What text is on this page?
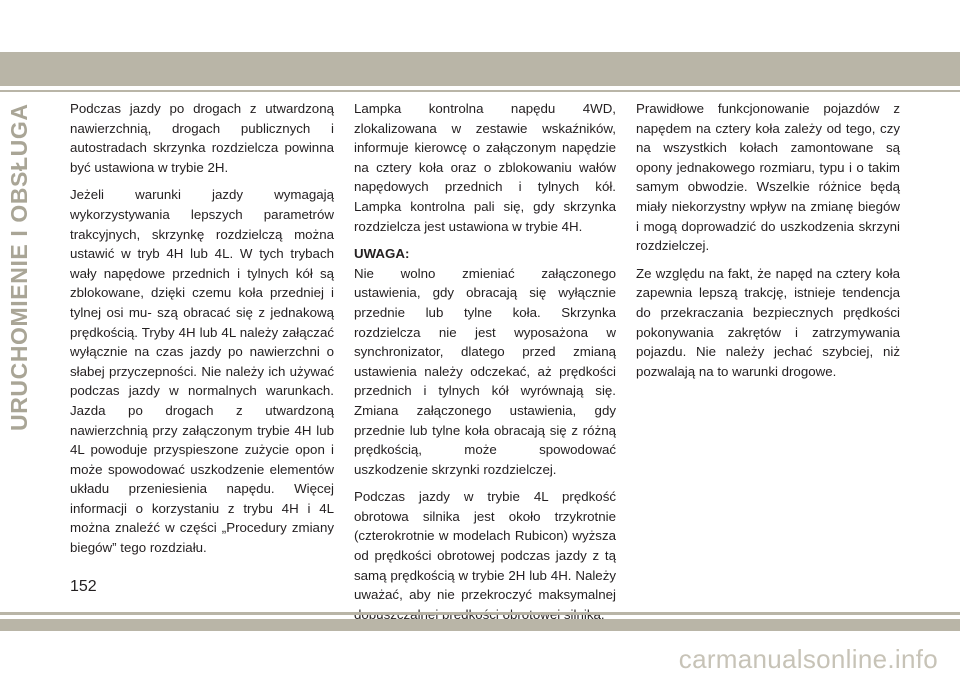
URUCHOMIENIE I OBSŁUGA	Podczas jazdy po drogach z utwardzoną nawierzchnią, drogach publicznych i autostradach skrzynka rozdzielcza powinna być ustawiona w trybie 2H.

Jeżeli warunki jazdy wymagają wykorzystywania lepszych parametrów trakcyjnych, skrzynkę rozdzielczą można ustawić w tryb 4H lub 4L. W tych trybach wały napędowe przednich i tylnych kół są zblokowane, dzięki czemu koła przedniej i tylnej osi mu- szą obracać się z jednakową prędkością. Tryby 4H lub 4L należy załączać wyłącznie na czas jazdy po nawierzchni o słabej przyczepności. Nie należy ich używać podczas jazdy w normalnych warunkach. Jazda po drogach z utwardzoną nawierzchnią przy załączonym trybie 4H lub 4L powoduje przyspieszone zużycie opon i może spowodować uszkodzenie elementów układu przeniesienia napędu. Więcej informacji o korzystaniu z trybu 4H i 4L można znaleźć w części „Procedury zmiany biegów” tego rozdziału.

Lampka kontrolna napędu 4WD, zlokalizowana w zestawie wskaźników, informuje kierowcę o załączonym napędzie na cztery koła oraz o zblokowaniu wałów napędowych przednich i tylnych kół. Lampka kontrolna pali się, gdy skrzynka rozdzielcza jest ustawiona w trybie 4H.

UWAGA:

Nie wolno zmieniać załączonego ustawienia, gdy obracają się wyłącznie przednie lub tylne koła. Skrzynka rozdzielcza nie jest wyposażona w synchronizator, dlatego przed zmianą ustawienia należy odczekać, aż prędkości przednich i tylnych kół wyrównają się. Zmiana załączonego ustawienia, gdy przednie lub tylne koła obracają się z różną prędkością, może spowodować uszkodzenie skrzynki rozdzielczej.

Podczas jazdy w trybie 4L prędkość obrotowa silnika jest około trzykrotnie (czterokrotnie w modelach Rubicon) wyższa od prędkości obrotowej podczas jazdy z tą samą prędkością w trybie 2H lub 4H. Należy uważać, aby nie przekroczyć maksymalnej

Prawidłowe funkcjonowanie pojazdów z napędem na cztery koła zależy od tego, czy na wszystkich kołach zamontowane są opony jednakowego rozmiaru, typu i o takim samym obwodzie. Wszelkie różnice będą miały niekorzystny wpływ na zmianę biegów i mogą doprowadzić do uszkodzenia skrzyni rozdzielczej.

Ze względu na fakt, że napęd na cztery koła zapewnia lepszą trakcję, istnieje tendencja do przekraczania bezpiecznych prędkości pokonywania zakrętów i zatrzymywania pojazdu. Nie należy jechać szybciej, niż pozwalają na to warunki drogowe.

152
carmanualsonline.info
